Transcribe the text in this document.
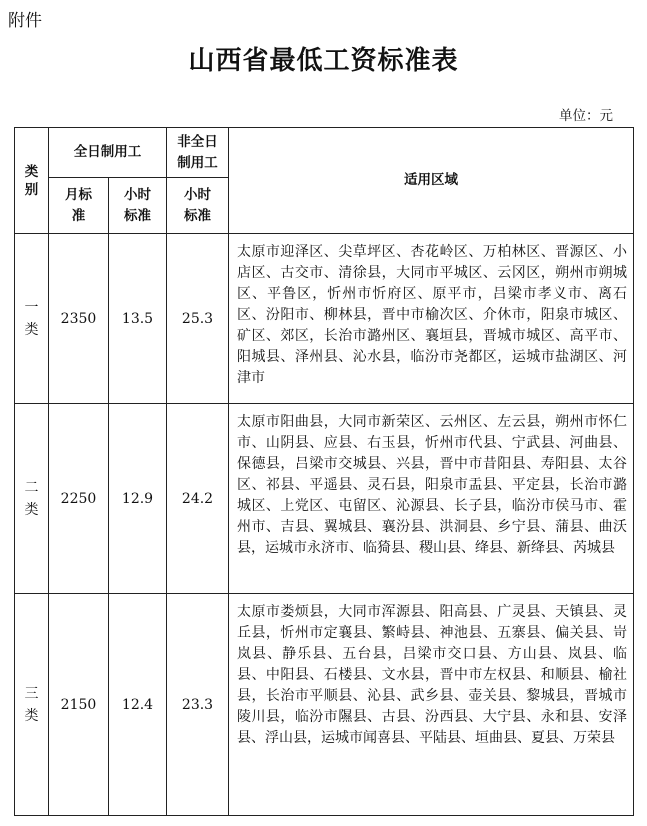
附件
山西省最低工资标准表
单位：元
类别	全日制用工		非全日制用工	适用区域

	月标准	小时标准	小时标准	

一类	2350	13.5	25.3	太原市迎泽区、尖草坪区、杏花岭区、万柏林区、晋源区、小店区、古交市、清徐县，大同市平城区、云冈区，朔州市朔城区、平鲁区，忻州市忻府区、原平市，吕梁市孝义市、离石区、汾阳市、柳林县，晋中市榆次区、介休市，阳泉市城区、矿区、郊区，长治市潞州区、襄垣县，晋城市城区、高平市、阳城县、泽州县、沁水县，临汾市尧都区，运城市盐湖区、河津市

二类	2250	12.9	24.2	太原市阳曲县，大同市新荣区、云州区、左云县，朔州市怀仁市、山阴县、应县、右玉县，忻州市代县、宁武县、河曲县、保德县，吕梁市交城县、兴县，晋中市昔阳县、寿阳县、太谷区、祁县、平遥县、灵石县，阳泉市盂县、平定县，长治市潞城区、上党区、屯留区、沁源县、长子县，临汾市侯马市、霍州市、吉县、翼城县、襄汾县、洪洞县、乡宁县、蒲县、曲沃县，运城市永济市、临猗县、稷山县、绛县、新绛县、芮城县

三类	2150	12.4	23.3	太原市娄烦县，大同市浑源县、阳高县、广灵县、天镇县、灵丘县，忻州市定襄县、繁峙县、神池县、五寨县、偏关县、岢岚县、静乐县、五台县，吕梁市交口县、方山县、岚县、临县、中阳县、石楼县、文水县，晋中市左权县、和顺县、榆社县，长治市平顺县、沁县、武乡县、壶关县、黎城县，晋城市陵川县，临汾市隰县、古县、汾西县、大宁县、永和县、安泽县、浮山县，运城市闻喜县、平陆县、垣曲县、夏县、万荣县
